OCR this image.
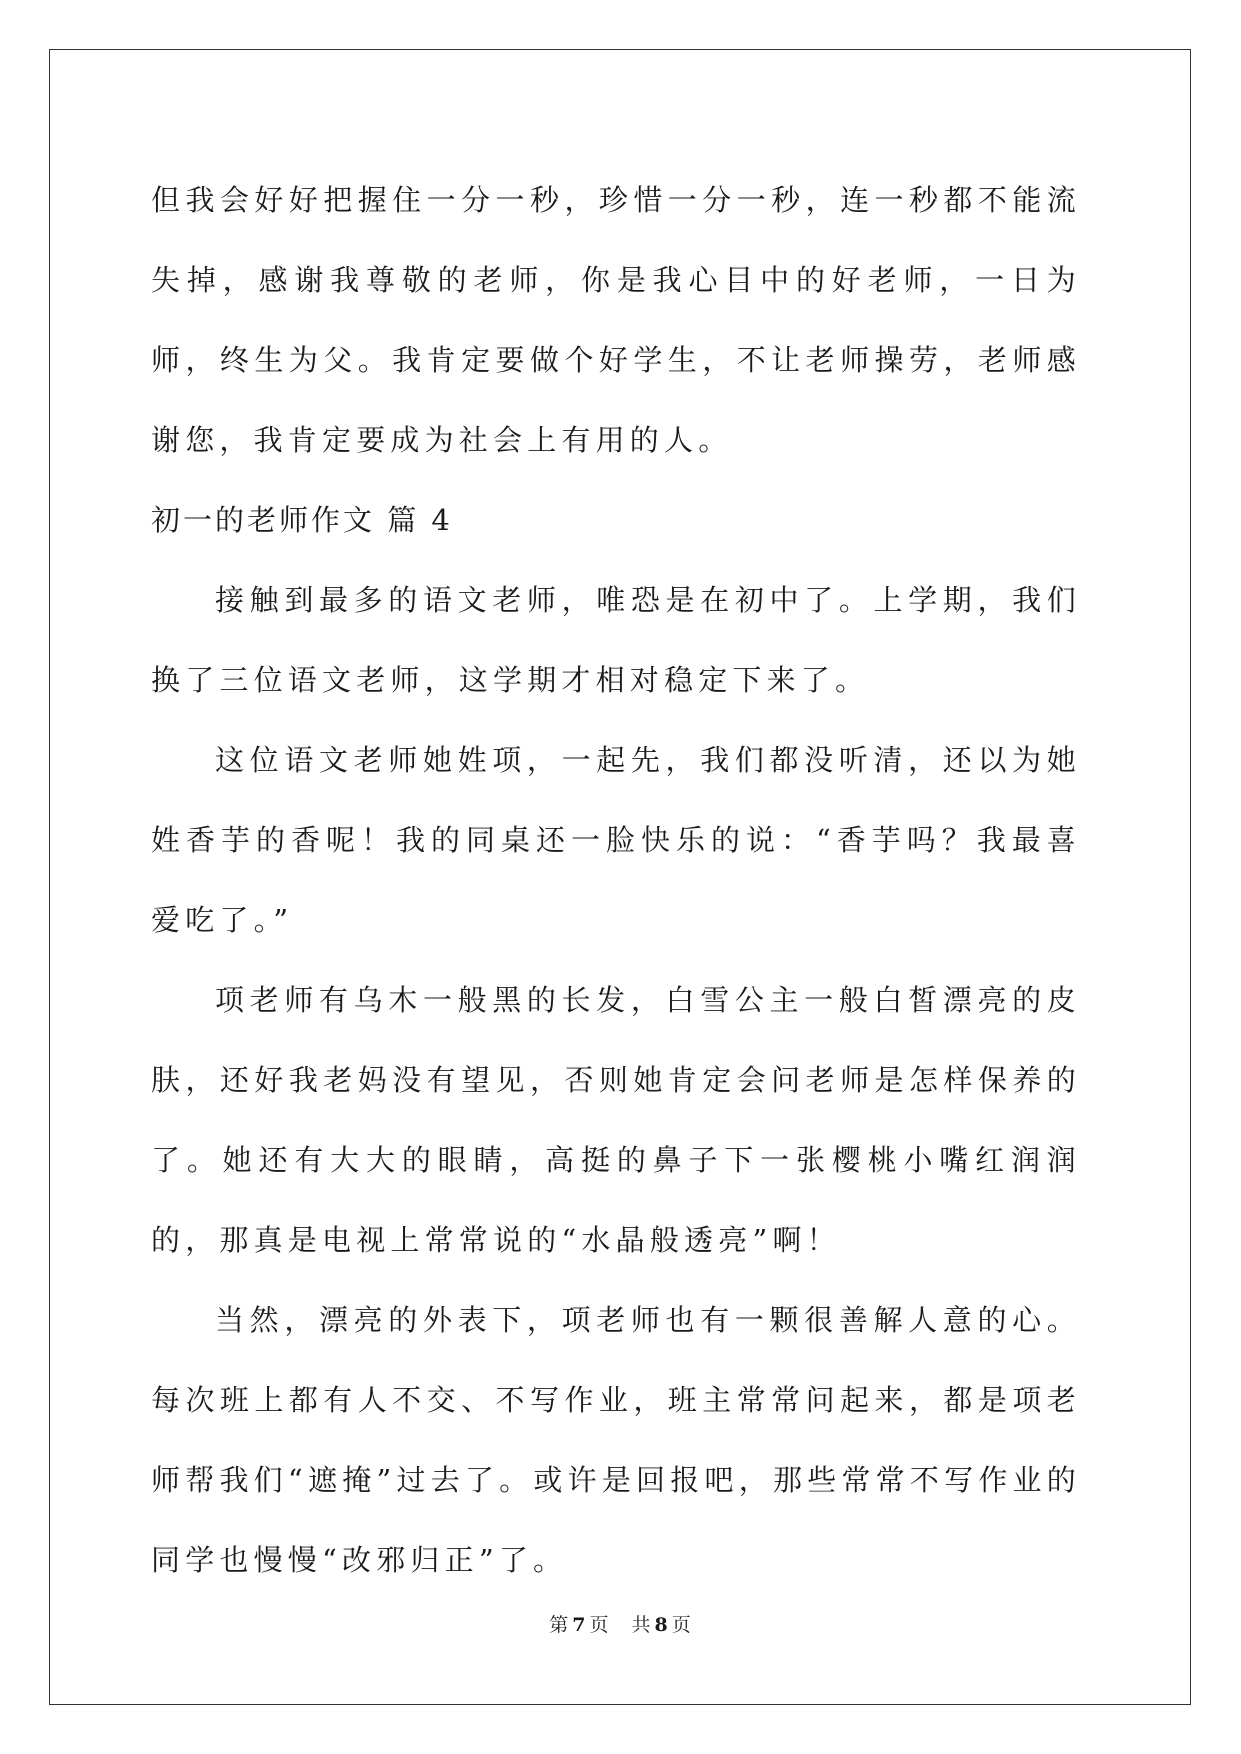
但我会好好把握住一分一秒，珍惜一分一秒，连一秒都不能流失掉，感谢我尊敬的老师，你是我心目中的好老师，一日为师，终生为父。我肯定要做个好学生，不让老师操劳，老师感谢您，我肯定要成为社会上有用的人。

初一的老师作文 篇 4

接触到最多的语文老师，唯恐是在初中了。上学期，我们换了三位语文老师，这学期才相对稳定下来了。

这位语文老师她姓项，一起先，我们都没听清，还以为她姓香芋的香呢！我的同桌还一脸快乐的说：“香芋吗？我最喜爱吃了。”

项老师有乌木一般黑的长发，白雪公主一般白皙漂亮的皮肤，还好我老妈没有望见，否则她肯定会问老师是怎样保养的了。她还有大大的眼睛，高挺的鼻子下一张樱桃小嘴红润润的，那真是电视上常常说的“水晶般透亮”啊！

当然，漂亮的外表下，项老师也有一颗很善解人意的心。每次班上都有人不交、不写作业，班主常常问起来，都是项老师帮我们“遮掩”过去了。或许是回报吧，那些常常不写作业的同学也慢慢“改邪归正”了。

第 7 页 共 8 页
